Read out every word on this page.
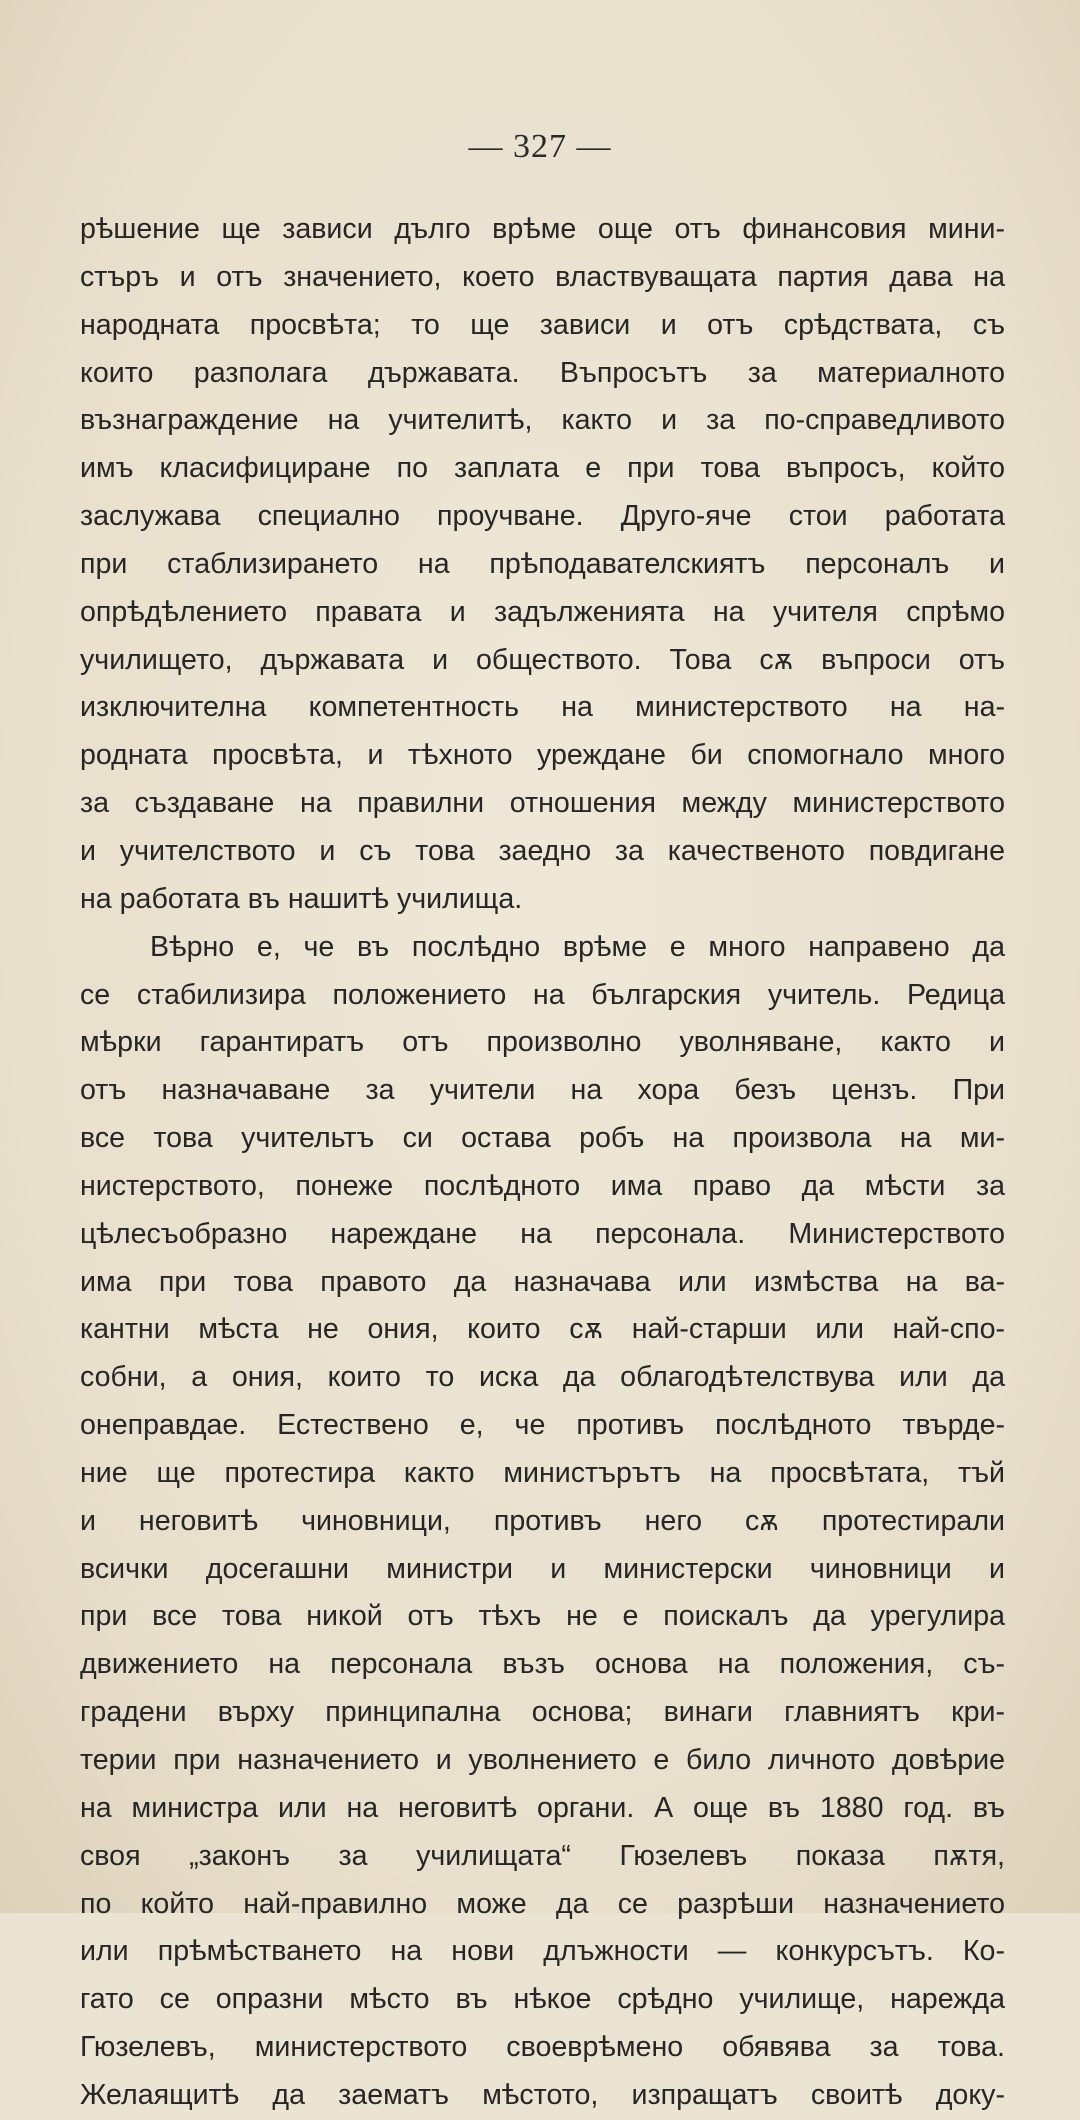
— 327 —

рѣшение ще зависи дълго врѣме още отъ финансовия мини-
стъръ и отъ значението, което властвуващата партия дава на
народната просвѣта; то ще зависи и отъ срѣдствата, съ
които разполага държавата. Въпросътъ за материалното
възнаграждение на учителитѣ, както и за по-справедливото
имъ класифициране по заплата е при това въпросъ, който
заслужава специално проучване. Друго-яче стои работата
при стаблизирането на прѣподавателскиятъ персоналъ и
опрѣдѣлението правата и задълженията на учителя спрѣмо
училището, държавата и обществото. Това сѫ въпроси отъ
изключителна компетентность на министерството на на-
родната просвѣта, и тѣхното уреждане би спомогнало много
за създаване на правилни отношения между министерството
и учителството и съ това заедно за качественото повдигане
на работата въ нашитѣ училища.

Вѣрно е, че въ послѣдно врѣме е много направено да
се стабилизира положението на българския учитель. Редица
мѣрки гарантиратъ отъ произволно уволняване, както и
отъ назначаване за учители на хора безъ цензъ. При
все това учительтъ си остава робъ на произвола на ми-
нистерството, понеже послѣдното има право да мѣсти за
цѣлесъобразно нареждане на персонала. Министерството
има при това правото да назначава или измѣства на ва-
кантни мѣста не ония, които сѫ най-старши или най-спо-
собни, а ония, които то иска да облагодѣтелствува или да
онеправдае. Естествено е, че противъ послѣдното твърде-
ние ще протестира както министърътъ на просвѣтата, тъй
и неговитѣ чиновници, противъ него сѫ протестирали
всички досегашни министри и министерски чиновници и
при все това никой отъ тѣхъ не е поискалъ да урегулира
движението на персонала възъ основа на положения, съ-
градени върху принципална основа; винаги главниятъ кри-
терии при назначението и уволнението е било личното довѣрие
на министра или на неговитѣ органи. А още въ 1880 год. въ
своя „законъ за училищата“ Гюзелевъ показа пѫтя,
по който най-правилно може да се разрѣши назначението
или прѣмѣстването на нови длъжности — конкурсътъ. Ко-
гато се опразни мѣсто въ нѣкое срѣдно училище, нарежда
Гюзелевъ, министерството своеврѣмено обявява за това.
Желаящитѣ да заематъ мѣстото, изпращатъ своитѣ доку-
